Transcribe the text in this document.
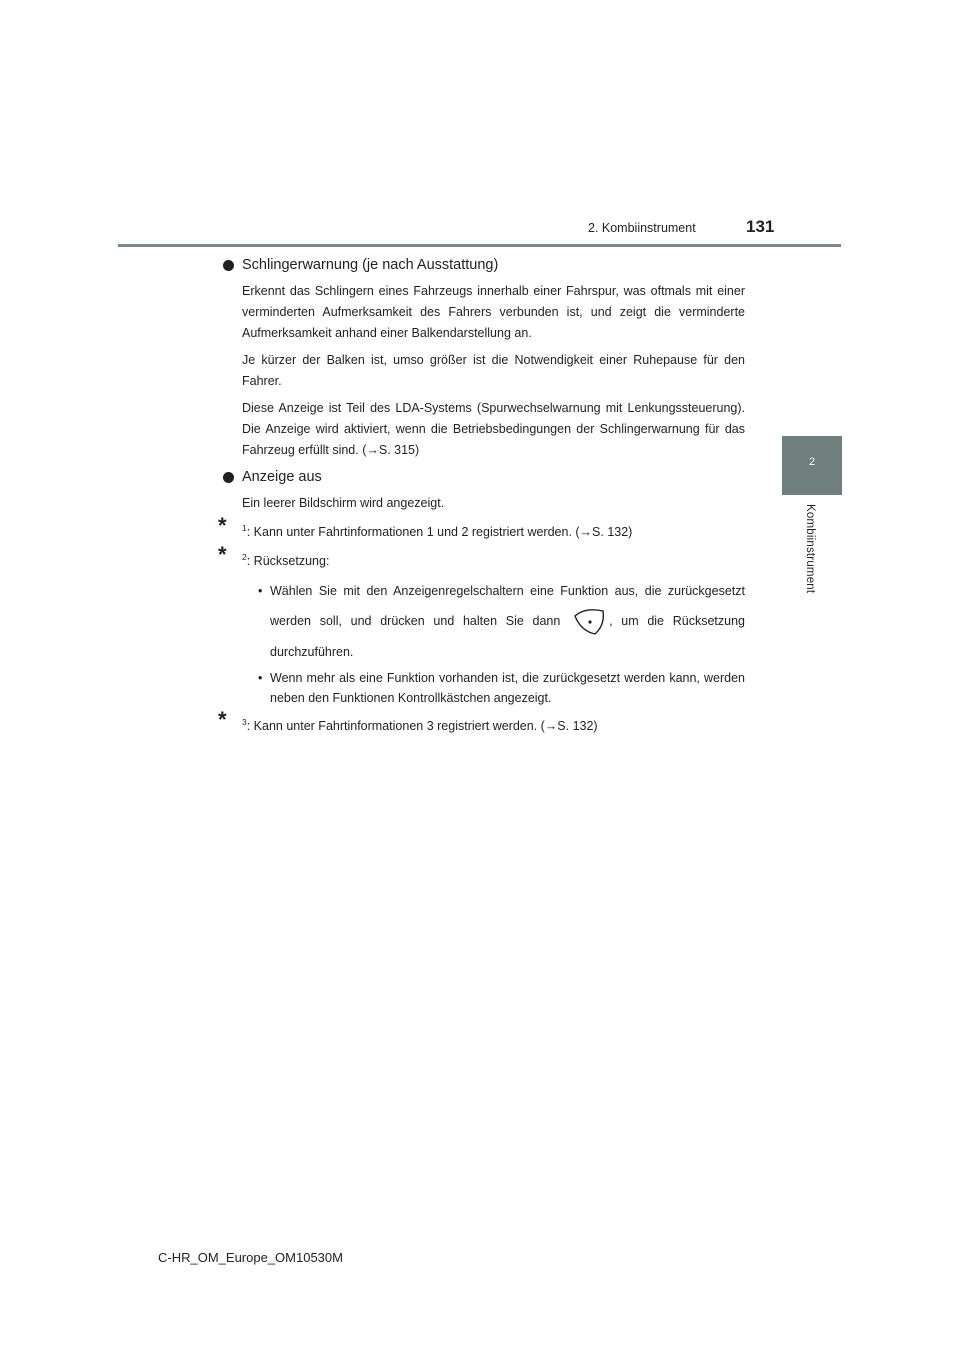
2. Kombiinstrument	131
2
Kombiinstrument
Schlingerwarnung (je nach Ausstattung)

Erkennt das Schlingern eines Fahrzeugs innerhalb einer Fahrspur, was oftmals mit einer verminderten Aufmerksamkeit des Fahrers verbunden ist, und zeigt die verminderte Aufmerksamkeit anhand einer Balkendarstellung an.

Je kürzer der Balken ist, umso größer ist die Notwendigkeit einer Ruhepause für den Fahrer.

Diese Anzeige ist Teil des LDA-Systems (Spurwechselwarnung mit Lenkungssteuerung). Die Anzeige wird aktiviert, wenn die Betriebsbedingungen der Schlingerwarnung für das Fahrzeug erfüllt sind. (→S. 315)

Anzeige aus

Ein leerer Bildschirm wird angezeigt.

* $^1$: Kann unter Fahrtinformationen 1 und 2 registriert werden. (→S. 132)
* $^2$: Rücksetzung:
• Wählen Sie mit den Anzeigenregelschaltern eine Funktion aus, die zurückgesetzt werden soll, und drücken und halten Sie dann	, um die Rücksetzung durchzuführen.
• Wenn mehr als eine Funktion vorhanden ist, die zurückgesetzt werden kann, werden neben den Funktionen Kontrollkästchen angezeigt.
* $^3$: Kann unter Fahrtinformationen 3 registriert werden. (→S. 132)
C-HR_OM_Europe_OM10530M
